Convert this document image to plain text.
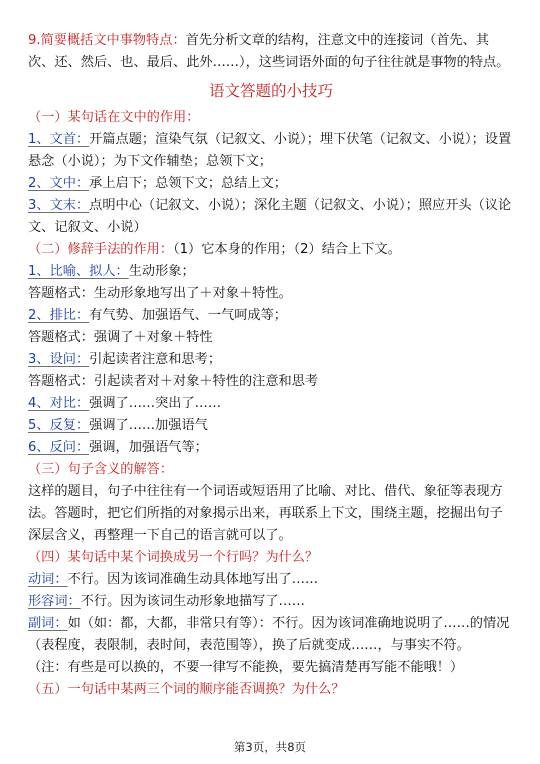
9.简要概括文中事物特点：首先分析文章的结构，注意文中的连接词（首先、其次、还、然后、也、最后、此外……），这些词语外面的句子往往就是事物的特点。

语文答题的小技巧

（一）某句话在文中的作用：

1、文首：开篇点题；渲染气氛（记叙文、小说）；埋下伏笔（记叙文、小说）；设置悬念（小说）；为下文作辅垫；总领下文；

2、文中：承上启下；总领下文；总结上文；

3、文末：点明中心（记叙文、小说）；深化主题（记叙文、小说）；照应开头（议论文、记叙文、小说）

（二）修辞手法的作用：（1）它本身的作用；（2）结合上下文。

1、比喻、拟人：生动形象；

答题格式：生动形象地写出了＋对象＋特性。

2、排比：有气势、加强语气、一气呵成等；

答题格式：强调了＋对象＋特性

3、设问：引起读者注意和思考；

答题格式：引起读者对＋对象＋特性的注意和思考

4、对比：强调了……突出了……

5、反复：强调了……加强语气

6、反问：强调，加强语气等；

（三）句子含义的解答：

这样的题目，句子中往往有一个词语或短语用了比喻、对比、借代、象征等表现方法。答题时，把它们所指的对象揭示出来，再联系上下文，围绕主题，挖掘出句子深层含义，再整理一下自己的语言就可以了。

（四）某句话中某个词换成另一个行吗？为什么？

动词：不行。因为该词准确生动具体地写出了……

形容词：不行。因为该词生动形象地描写了……

副词：如（如：都，大都，非常只有等）：不行。因为该词准确地说明了……的情况（表程度，表限制，表时间，表范围等），换了后就变成……，与事实不符。

（注：有些是可以换的，不要一律写不能换，要先搞清楚再写能不能哦！）

（五）一句话中某两三个词的顺序能否调换？为什么？

第3页，共8页
